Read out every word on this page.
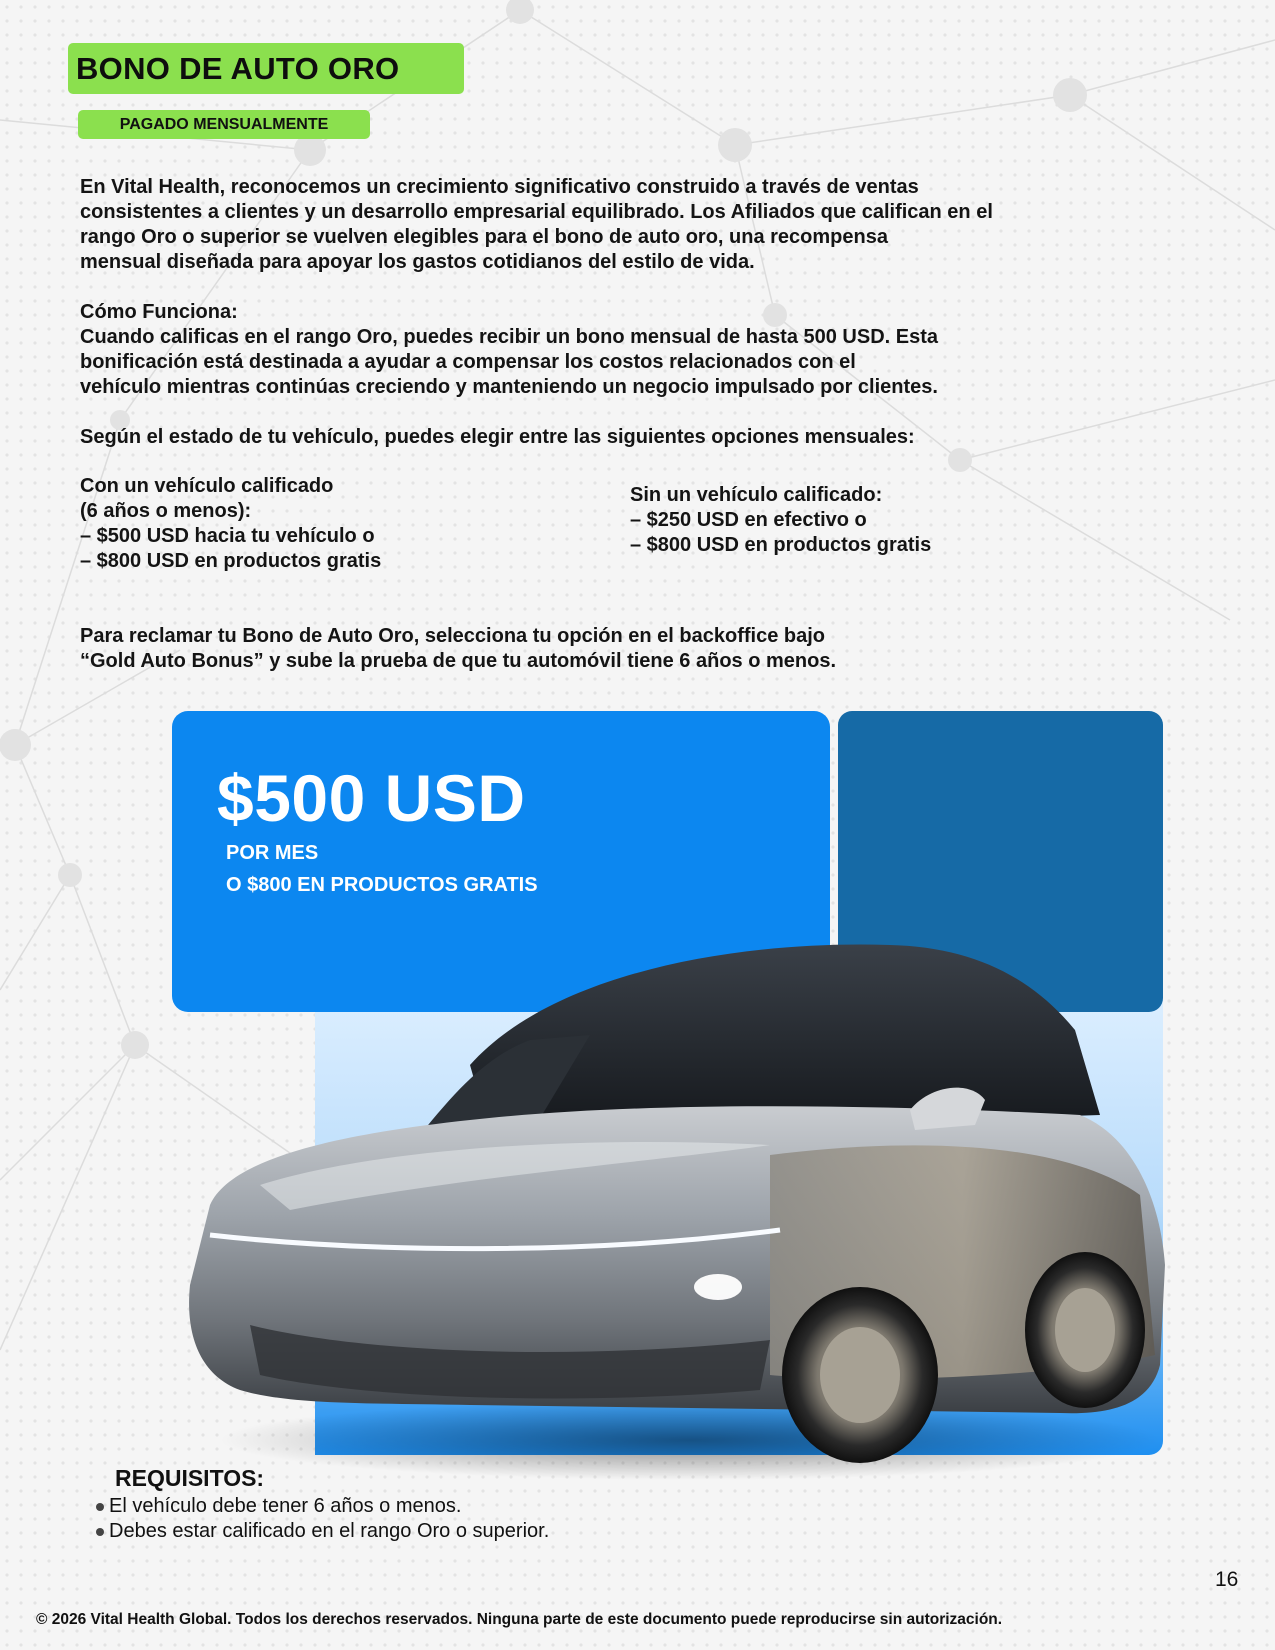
BONO DE AUTO ORO
PAGADO MENSUALMENTE
En Vital Health, reconocemos un crecimiento significativo construido a través de ventas
consistentes a clientes y un desarrollo empresarial equilibrado. Los Afiliados que califican en el
rango Oro o superior se vuelven elegibles para el bono de auto oro, una recompensa
mensual diseñada para apoyar los gastos cotidianos del estilo de vida.
Cómo Funciona:
Cuando calificas en el rango Oro, puedes recibir un bono mensual de hasta 500 USD. Esta
bonificación está destinada a ayudar a compensar los costos relacionados con el
vehículo mientras continúas creciendo y manteniendo un negocio impulsado por clientes.
Según el estado de tu vehículo, puedes elegir entre las siguientes opciones mensuales:
Con un vehículo calificado
(6 años o menos):
– $500 USD hacia tu vehículo o
– $800 USD en productos gratis
Sin un vehículo calificado:
– $250 USD en efectivo o
– $800 USD en productos gratis
Para reclamar tu Bono de Auto Oro, selecciona tu opción en el backoffice bajo
“Gold Auto Bonus” y sube la prueba de que tu automóvil tiene 6 años o menos.
$500 USD
POR MES
O $800 EN PRODUCTOS GRATIS
REQUISITOS:
El vehículo debe tener 6 años o menos.
Debes estar calificado en el rango Oro o superior.
16
© 2026 Vital Health Global. Todos los derechos reservados. Ninguna parte de este documento puede reproducirse sin autorización.
